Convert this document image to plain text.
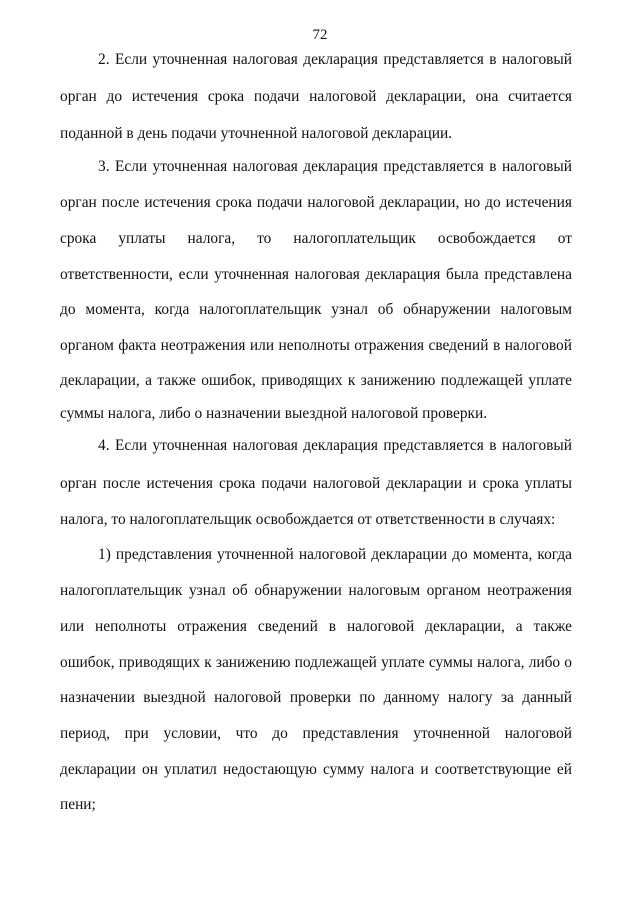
72
2. Если уточненная налоговая декларация представляется в налоговый
орган до истечения срока подачи налоговой декларации, она считается
поданной в день подачи уточненной налоговой декларации.
3. Если уточненная налоговая декларация представляется в налоговый
орган после истечения срока подачи налоговой декларации, но до истечения
срока уплаты налога, то налогоплательщик освобождается от
ответственности, если уточненная налоговая декларация была представлена
до момента, когда налогоплательщик узнал об обнаружении налоговым
органом факта неотражения или неполноты отражения сведений в налоговой
декларации, а также ошибок, приводящих к занижению подлежащей уплате
суммы налога, либо о назначении выездной налоговой проверки.
4. Если уточненная налоговая декларация представляется в налоговый
орган после истечения срока подачи налоговой декларации и срока уплаты
налога, то налогоплательщик освобождается от ответственности в случаях:
1) представления уточненной налоговой декларации до момента, когда
налогоплательщик узнал об обнаружении налоговым органом неотражения
или неполноты отражения сведений в налоговой декларации, а также
ошибок, приводящих к занижению подлежащей уплате суммы налога, либо о
назначении выездной налоговой проверки по данному налогу за данный
период, при условии, что до представления уточненной налоговой
декларации он уплатил недостающую сумму налога и соответствующие ей
пени;
